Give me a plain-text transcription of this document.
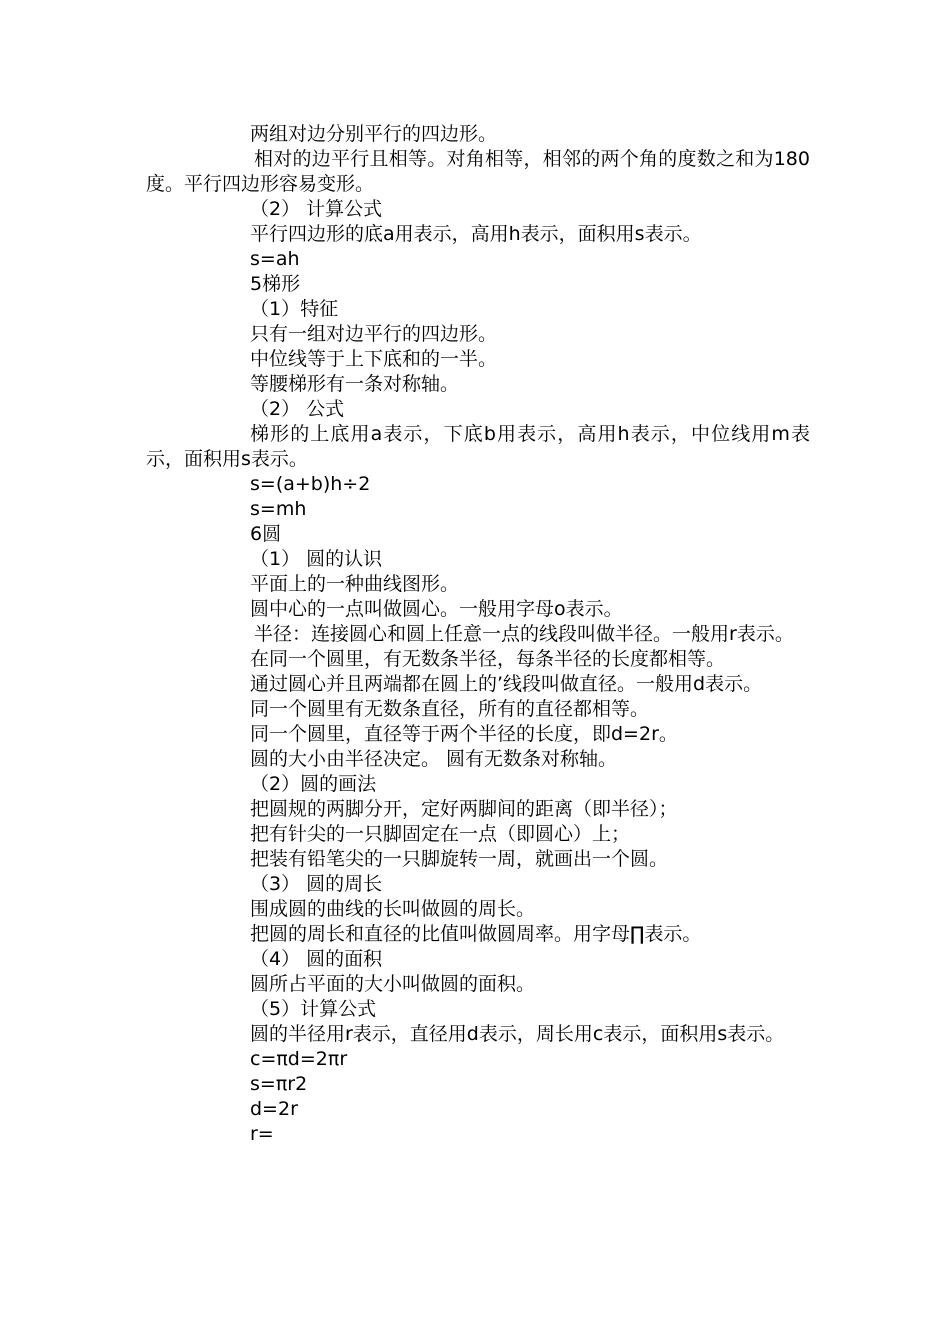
两组对边分别平行的四边形。

相对的边平行且相等。对角相等，相邻的两个角的度数之和为180度。平行四边形容易变形。

（2） 计算公式

平行四边形的底a用表示，高用h表示，面积用s表示。

s=ah

5梯形

（1）特征

只有一组对边平行的四边形。

中位线等于上下底和的一半。

等腰梯形有一条对称轴。

（2） 公式

梯形的上底用a表示，下底b用表示，高用h表示，中位线用m表示，面积用s表示。

s=(a+b)h÷2

s=mh

6圆

（1） 圆的认识

平面上的一种曲线图形。

圆中心的一点叫做圆心。一般用字母o表示。

半径：连接圆心和圆上任意一点的线段叫做半径。一般用r表示。

在同一个圆里，有无数条半径，每条半径的长度都相等。

通过圆心并且两端都在圆上的’线段叫做直径。一般用d表示。

同一个圆里有无数条直径，所有的直径都相等。

同一个圆里，直径等于两个半径的长度，即d=2r。

圆的大小由半径决定。 圆有无数条对称轴。

（2）圆的画法

把圆规的两脚分开，定好两脚间的距离（即半径）；

把有针尖的一只脚固定在一点（即圆心）上；

把装有铅笔尖的一只脚旋转一周，就画出一个圆。

（3） 圆的周长

围成圆的曲线的长叫做圆的周长。

把圆的周长和直径的比值叫做圆周率。用字母∏表示。

（4） 圆的面积

圆所占平面的大小叫做圆的面积。

（5）计算公式

圆的半径用r表示，直径用d表示，周长用c表示，面积用s表示。

c=πd=2πr

s=πr2

d=2r

r=
